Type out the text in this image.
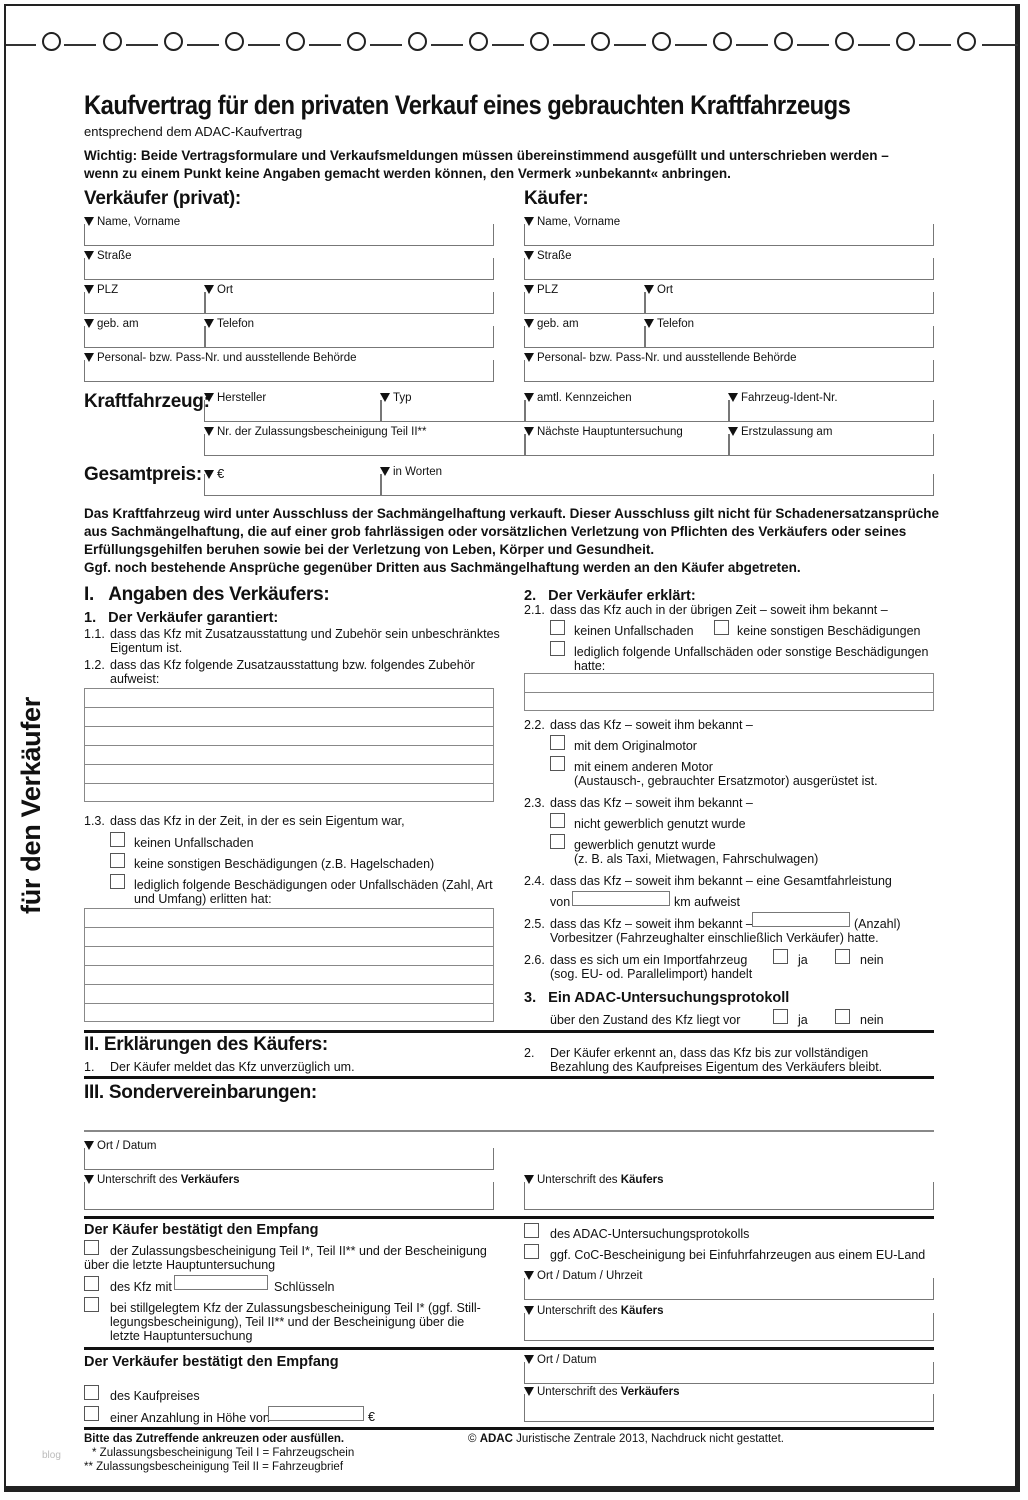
für den Verkäufer
Kaufvertrag für den privaten Verkauf eines gebrauchten Kraftfahrzeugs
entsprechend dem ADAC-Kaufvertrag
Wichtig: Beide Vertragsformulare und Verkaufsmeldungen müssen übereinstimmend ausgefüllt und unterschrieben werden –
wenn zu einem Punkt keine Angaben gemacht werden können, den Vermerk »unbekannt« anbringen.
Verkäufer (privat):
Name, Vorname
Straße
PLZ	Ort
geb. am	Telefon
Personal- bzw. Pass-Nr. und ausstellende Behörde
Käufer:
Name, Vorname
Straße
PLZ	Ort
geb. am	Telefon
Personal- bzw. Pass-Nr. und ausstellende Behörde
Kraftfahrzeug: Hersteller	Typ	amtl. Kennzeichen	Fahrzeug-Ident-Nr.
Nr. der Zulassungsbescheinigung Teil II**	Nächste Hauptuntersuchung	Erstzulassung am
Gesamtpreis:	€	in Worten
Das Kraftfahrzeug wird unter Ausschluss der Sachmängelhaftung verkauft. Dieser Ausschluss gilt nicht für Schadenersatzansprüche
aus Sachmängelhaftung, die auf einer grob fahrlässigen oder vorsätzlichen Verletzung von Pflichten des Verkäufers oder seines
Erfüllungsgehilfen beruhen sowie bei der Verletzung von Leben, Körper und Gesundheit.
Ggf. noch bestehende Ansprüche gegenüber Dritten aus Sachmängelhaftung werden an den Käufer abgetreten.
I.   Angaben des Verkäufers:
1.   Der Verkäufer garantiert:
1.1. dass das Kfz mit Zusatzausstattung und Zubehör sein unbeschränktes
Eigentum ist.
1.2. dass das Kfz folgende Zusatzausstattung bzw. folgendes Zubehör
aufweist:
1.3. dass das Kfz in der Zeit, in der es sein Eigentum war,
keinen Unfallschaden
keine sonstigen Beschädigungen (z.B. Hagelschaden)
lediglich folgende Beschädigungen oder Unfallschäden (Zahl, Art
und Umfang) erlitten hat:
2.   Der Verkäufer erklärt:
2.1. dass das Kfz auch in der übrigen Zeit – soweit ihm bekannt –
keinen Unfallschaden	keine sonstigen Beschädigungen
lediglich folgende Unfallschäden oder sonstige Beschädigungen
hatte:
2.2. dass das Kfz – soweit ihm bekannt –
mit dem Originalmotor
mit einem anderen Motor
(Austausch-, gebrauchter Ersatzmotor) ausgerüstet ist.
2.3. dass das Kfz – soweit ihm bekannt –
nicht gewerblich genutzt wurde
gewerblich genutzt wurde
(z. B. als Taxi, Mietwagen, Fahrschulwagen)
2.4. dass das Kfz – soweit ihm bekannt – eine Gesamtfahrleistung
von	km aufweist
2.5. dass das Kfz – soweit ihm bekannt –	(Anzahl)
Vorbesitzer (Fahrzeughalter einschließlich Verkäufer) hatte.
2.6. dass es sich um ein Importfahrzeug
(sog. EU- od. Parallelimport) handelt
ja	nein
3.   Ein ADAC-Untersuchungsprotokoll
über den Zustand des Kfz liegt vor	ja	nein
II. Erklärungen des Käufers:
1. Der Käufer meldet das Kfz unverzüglich um.
2. Der Käufer erkennt an, dass das Kfz bis zur vollständigen
Bezahlung des Kaufpreises Eigentum des Verkäufers bleibt.
III. Sondervereinbarungen:
Ort / Datum
Unterschrift des Verkäufers	Unterschrift des Käufers
Der Käufer bestätigt den Empfang
der Zulassungsbescheinigung Teil I*, Teil II** und der Bescheinigung
über die letzte Hauptuntersuchung
des Kfz mit	Schlüsseln
bei stillgelegtem Kfz der Zulassungsbescheinigung Teil I* (ggf. Still-
legungsbescheinigung), Teil II** und der Bescheinigung über die
letzte Hauptuntersuchung
des ADAC-Untersuchungsprotokolls
ggf. CoC-Bescheinigung bei Einfuhrfahrzeugen aus einem EU-Land
Ort / Datum / Uhrzeit
Unterschrift des Käufers
Der Verkäufer bestätigt den Empfang
des Kaufpreises
einer Anzahlung in Höhe von	€
Ort / Datum
Unterschrift des Verkäufers
Bitte das Zutreffende ankreuzen oder ausfüllen.
* Zulassungsbescheinigung Teil I = Fahrzeugschein
** Zulassungsbescheinigung Teil II = Fahrzeugbrief
© ADAC Juristische Zentrale 2013, Nachdruck nicht gestattet.
blog
